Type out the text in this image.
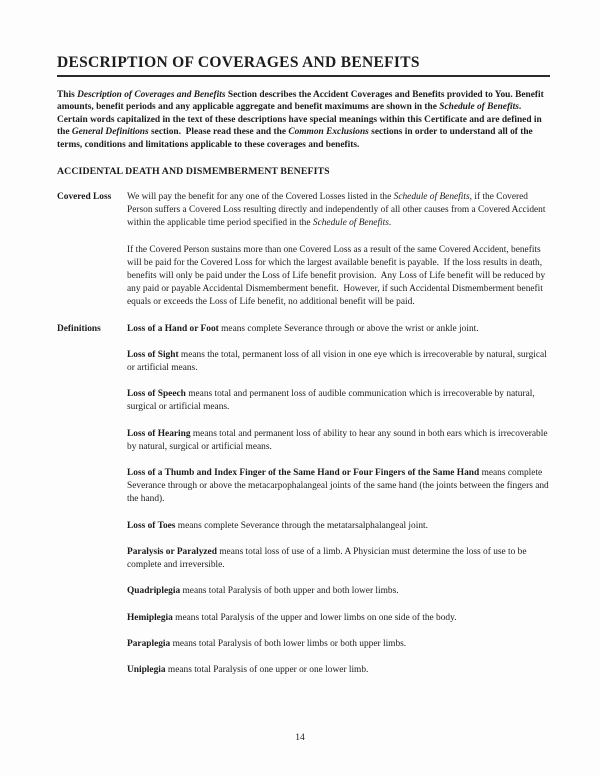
DESCRIPTION OF COVERAGES AND BENEFITS

This Description of Coverages and Benefits Section describes the Accident Coverages and Benefits provided to You. Benefit amounts, benefit periods and any applicable aggregate and benefit maximums are shown in the Schedule of Benefits.  Certain words capitalized in the text of these descriptions have special meanings within this Certificate and are defined in the General Definitions section.  Please read these and the Common Exclusions sections in order to understand all of the terms, conditions and limitations applicable to these coverages and benefits.

ACCIDENTAL DEATH AND DISMEMBERMENT BENEFITS
Covered Loss	We will pay the benefit for any one of the Covered Losses listed in the Schedule of Benefits, if the Covered Person suffers a Covered Loss resulting directly and independently of all other causes from a Covered Accident within the applicable time period specified in the Schedule of Benefits.

If the Covered Person sustains more than one Covered Loss as a result of the same Covered Accident, benefits will be paid for the Covered Loss for which the largest available benefit is payable.  If the loss results in death, benefits will only be paid under the Loss of Life benefit provision.  Any Loss of Life benefit will be reduced by any paid or payable Accidental Dismemberment benefit.  However, if such Accidental Dismemberment benefit equals or exceeds the Loss of Life benefit, no additional benefit will be paid.

Definitions	Loss of a Hand or Foot means complete Severance through or above the wrist or ankle joint.

Loss of Sight means the total, permanent loss of all vision in one eye which is irrecoverable by natural, surgical or artificial means.

Loss of Speech means total and permanent loss of audible communication which is irrecoverable by natural, surgical or artificial means.

Loss of Hearing means total and permanent loss of ability to hear any sound in both ears which is irrecoverable by natural, surgical or artificial means.

Loss of a Thumb and Index Finger of the Same Hand or Four Fingers of the Same Hand means complete Severance through or above the metacarpophalangeal joints of the same hand (the joints between the fingers and the hand).

Loss of Toes means complete Severance through the metatarsalphalangeal joint.

Paralysis or Paralyzed means total loss of use of a limb. A Physician must determine the loss of use to be complete and irreversible.

Quadriplegia means total Paralysis of both upper and both lower limbs.

Hemiplegia means total Paralysis of the upper and lower limbs on one side of the body.

Paraplegia means total Paralysis of both lower limbs or both upper limbs.

Uniplegia means total Paralysis of one upper or one lower limb.

14
